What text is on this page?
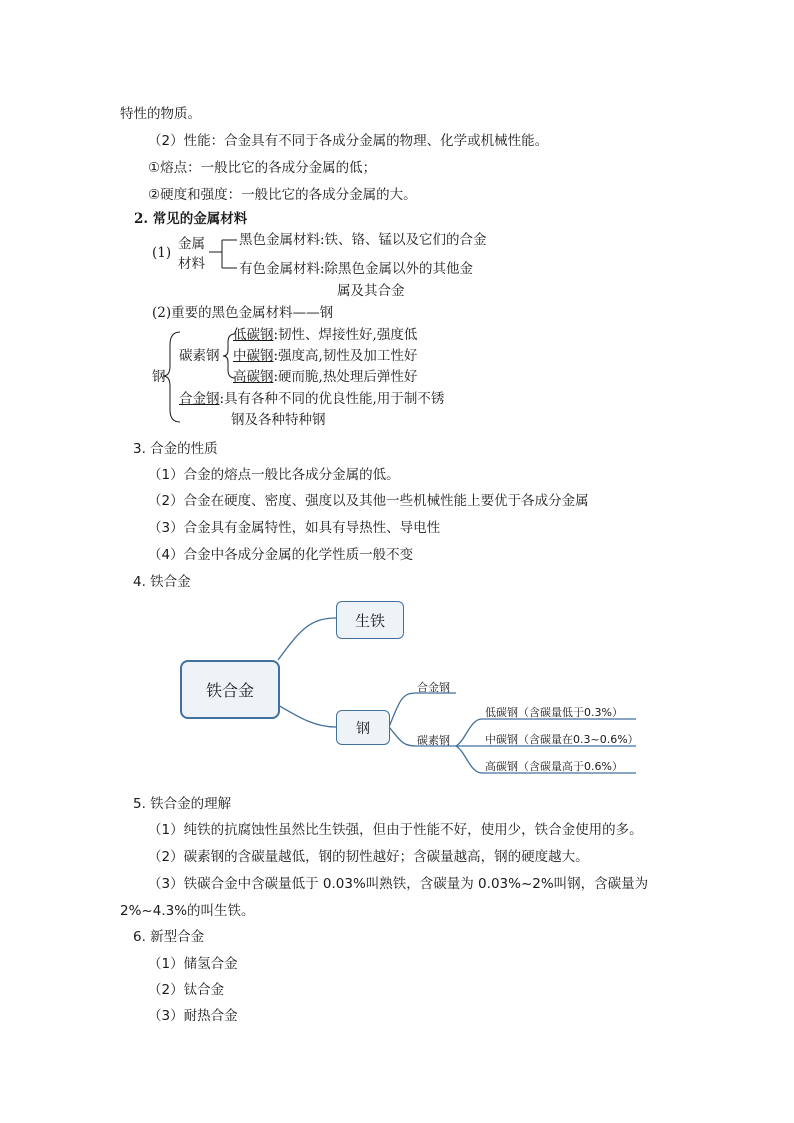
特性的物质。
（2）性能：合金具有不同于各成分金属的物理、化学或机械性能。
①熔点：一般比它的各成分金属的低；
②硬度和强度：一般比它的各成分金属的大。
2. 常见的金属材料
(1)
金属
材料
黑色金属材料:铁、铬、锰以及它们的合金
有色金属材料:除黑色金属以外的其他金
属及其合金
(2)重要的黑色金属材料——钢
钢
碳素钢
低碳钢:韧性、焊接性好,强度低
中碳钢:强度高,韧性及加工性好
高碳钢:硬而脆,热处理后弹性好
合金钢:具有各种不同的优良性能,用于制不锈
钢及各种特种钢
3. 合金的性质
（1）合金的熔点一般比各成分金属的低。
（2）合金在硬度、密度、强度以及其他一些机械性能上要优于各成分金属
（3）合金具有金属特性，如具有导热性、导电性
（4）合金中各成分金属的化学性质一般不变
4. 铁合金
铁合金
生铁
钢
合金钢
碳素钢
低碳钢（含碳量低于0.3%）
中碳钢（含碳量在0.3~0.6%）
高碳钢（含碳量高于0.6%）
5. 铁合金的理解
（1）纯铁的抗腐蚀性虽然比生铁强，但由于性能不好，使用少，铁合金使用的多。
（2）碳素钢的含碳量越低，钢的韧性越好；含碳量越高，钢的硬度越大。
（3）铁碳合金中含碳量低于 0.03%叫熟铁，含碳量为 0.03%~2%叫钢，含碳量为
2%~4.3%的叫生铁。
6. 新型合金
（1）储氢合金
（2）钛合金
（3）耐热合金
